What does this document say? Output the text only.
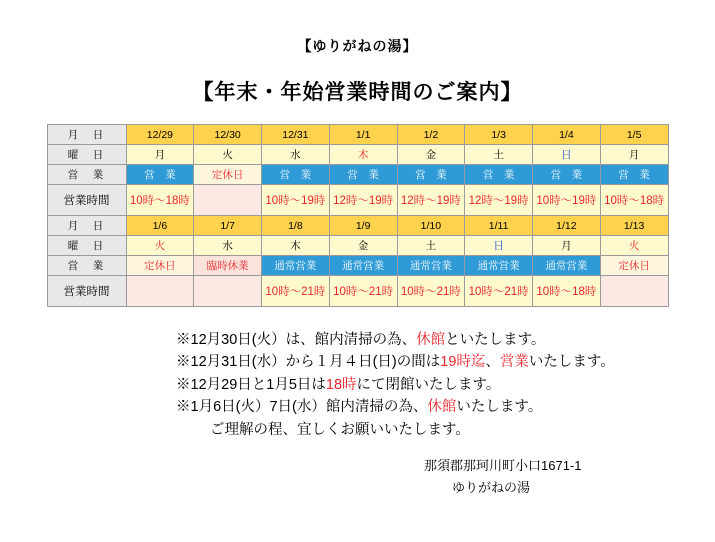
【ゆりがねの湯】
【年末・年始営業時間のご案内】
月　日	12/29	12/30	12/31	1/1	1/2	1/3	1/4	1/5
曜　日	月	火	水	木	金	土	日	月
営　業	営　業	定休日	営　業	営　業	営　業	営　業	営　業	営　業
営業時間	10時～18時		10時～19時	12時～19時	12時～19時	12時～19時	10時～19時	10時～18時
月　日	1/6	1/7	1/8	1/9	1/10	1/11	1/12	1/13
曜　日	火	水	木	金	土	日	月	火
営　業	定休日	臨時休業	通常営業	通常営業	通常営業	通常営業	通常営業	定休日
営業時間			10時～21時	10時～21時	10時～21時	10時～21時	10時～18時	
※12月30日(火）は、館内清掃の為、休館といたします。
※12月31日(水）から１月４日(日)の間は19時迄、営業いたします。
※12月29日と1月5日は18時にて閉館いたします。
※1月6日(火）7日(水）館内清掃の為、休館いたします。
ご理解の程、宜しくお願いいたします。
那須郡那珂川町小口1671-1
ゆりがねの湯
